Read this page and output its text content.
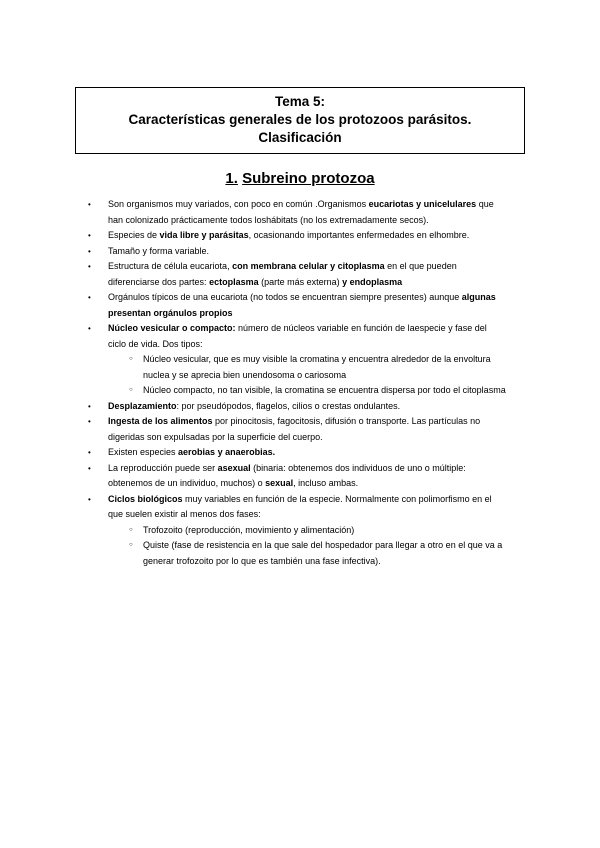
Tema 5:
Características generales de los protozoos parásitos.
Clasificación
1. Subreino protozoa
• Son organismos muy variados, con poco en común .Organismos eucariotas y unicelulares que han colonizado prácticamente todos loshábitats (no los extremadamente secos).
• Especies de vida libre y parásitas, ocasionando importantes enfermedades en elhombre.
• Tamaño y forma variable.
• Estructura de célula eucariota, con membrana celular y citoplasma en el que pueden diferenciarse dos partes: ectoplasma (parte más externa) y endoplasma
• Orgánulos típicos de una eucariota (no todos se encuentran siempre presentes) aunque algunas presentan orgánulos propios
• Núcleo vesicular o compacto: número de núcleos variable en función de laespecie y fase del ciclo de vida. Dos tipos:
○ Núcleo vesicular, que es muy visible la cromatina y encuentra alrededor de la envoltura nuclea y se aprecia bien unendosoma o cariosoma
○ Núcleo compacto, no tan visible, la cromatina se encuentra dispersa por todo el citoplasma
• Desplazamiento: por pseudópodos, flagelos, cilios o crestas ondulantes.
• Ingesta de los alimentos por pinocitosis, fagocitosis, difusión o transporte. Las partículas no digeridas son expulsadas por la superficie del cuerpo.
• Existen especies aerobias y anaerobias.
• La reproducción puede ser asexual (binaria: obtenemos dos individuos de uno o múltiple: obtenemos de un individuo, muchos) o sexual, incluso ambas.
• Ciclos biológicos muy variables en función de la especie. Normalmente con polimorfismo en el que suelen existir al menos dos fases:
○ Trofozoito (reproducción, movimiento y alimentación)
○ Quiste (fase de resistencia en la que sale del hospedador para llegar a otro en el que va a generar trofozoito por lo que es también una fase infectiva).
